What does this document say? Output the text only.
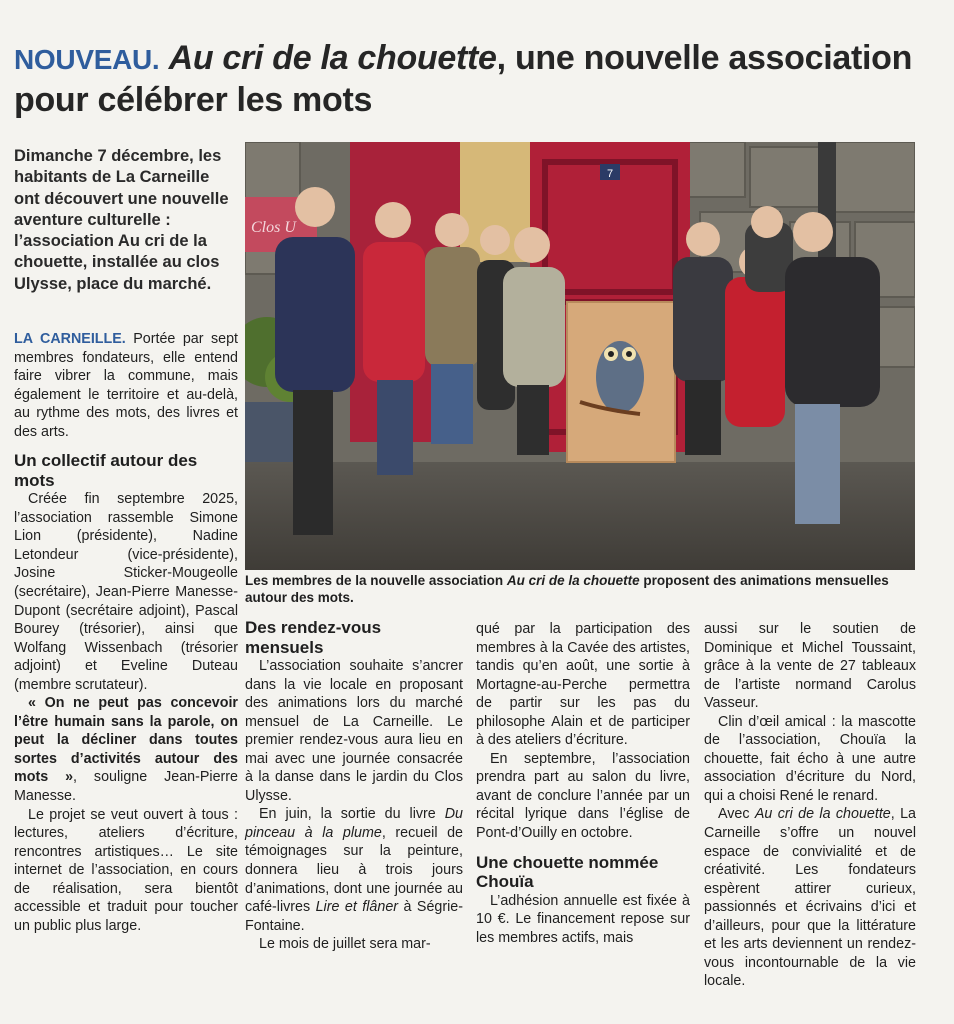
NOUVEAU. Au cri de la chouette, une nouvelle association pour célébrer les mots
Dimanche 7 décembre, les habitants de La Carneille ont découvert une nouvelle aventure culturelle : l’association Au cri de la chouette, installée au clos Ulysse, place du marché.

LA CARNEILLE. Portée par sept membres fondateurs, elle entend faire vibrer la commune, mais également le territoire et au-delà, au rythme des mots, des livres et des arts.

Un collectif autour des mots

Créée fin septembre 2025, l’association rassemble Simone Lion (présidente), Nadine Letondeur (vice-présidente), Josine Sticker-Mougeolle (secrétaire), Jean-Pierre Manesse-Dupont (secrétaire adjoint), Pascal Bourey (trésorier), ainsi que Wolfang Wissenbach (trésorier adjoint) et Eveline Duteau (membre scrutateur).

« On ne peut pas concevoir l’être humain sans la parole, on peut la décliner dans toutes sortes d’activités autour des mots », souligne Jean-Pierre Manesse.

Le projet se veut ouvert à tous : lectures, ateliers d’écriture, rencontres artistiques… Le site internet de l’association, en cours de réalisation, sera bientôt accessible et traduit pour toucher un public plus large.

Clos U
7
Les membres de la nouvelle association Au cri de la chouette proposent des animations mensuelles autour des mots.
Des rendez-vous mensuels

L’association souhaite s’ancrer dans la vie locale en proposant des animations lors du marché mensuel de La Carneille. Le premier rendez-vous aura lieu en mai avec une journée consacrée à la danse dans le jardin du Clos Ulysse.

En juin, la sortie du livre Du pinceau à la plume, recueil de témoignages sur la peinture, donnera lieu à trois jours d’animations, dont une journée au café-livres Lire et flâner à Ségrie-Fontaine.

Le mois de juillet sera mar-

qué par la participation des membres à la Cavée des artistes, tandis qu’en août, une sortie à Mortagne-au-Perche permettra de partir sur les pas du philosophe Alain et de participer à des ateliers d’écriture.

En septembre, l’association prendra part au salon du livre, avant de conclure l’année par un récital lyrique dans l’église de Pont-d’Ouilly en octobre.

Une chouette nommée Chouïa

L’adhésion annuelle est fixée à 10 €. Le financement repose sur les membres actifs, mais

aussi sur le soutien de Dominique et Michel Toussaint, grâce à la vente de 27 tableaux de l’artiste normand Carolus Vasseur.

Clin d’œil amical : la mascotte de l’association, Chouïa la chouette, fait écho à une autre association d’écriture du Nord, qui a choisi René le renard.

Avec Au cri de la chouette, La Carneille s’offre un nouvel espace de convivialité et de créativité. Les fondateurs espèrent attirer curieux, passionnés et écrivains d’ici et d’ailleurs, pour que la littérature et les arts deviennent un rendez-vous incontournable de la vie locale.
